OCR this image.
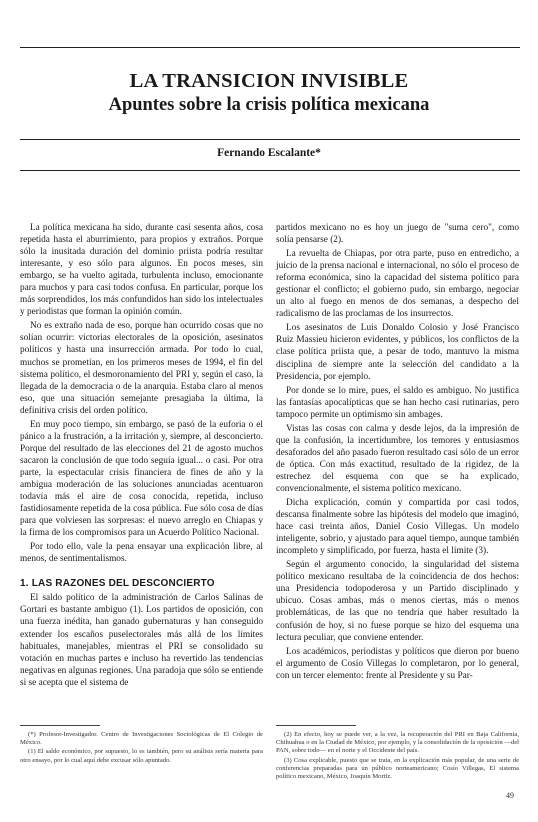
LA TRANSICION INVISIBLE
Apuntes sobre la crisis política mexicana
Fernando Escalante*

La política mexicana ha sido, durante casi sesenta años, cosa repetida hasta el aburrimiento, para propios y extraños. Porque sólo la inusitada duración del dominio priista podría resultar interesante, y eso sólo para algunos. En pocos meses, sin embargo, se ha vuelto agitada, turbulenta incluso, emocionante para muchos y para casi todos confusa. En particular, porque los más sorprendidos, los más confundidos han sido los intelectuales y periodistas que forman la opinión común.

No es extraño nada de eso, porque han ocurrido cosas que no solían ocurrir: victorias electorales de la oposición, asesinatos políticos y hasta una insurrección armada. Por todo lo cual, muchos se prometían, en los primeros meses de 1994, el fin del sistema político, el desmoronamiento del PRI y, según el caso, la llegada de la democracia o de la anarquía. Estaba claro al menos eso, que una situación semejante presagiaba la última, la definitiva crisis del orden político.

En muy poco tiempo, sin embargo, se pasó de la euforia o el pánico a la frustración, a la irritación y, siempre, al desconcierto. Porque del resultado de las elecciones del 21 de agosto muchos sacaron la conclusión de que todo seguía igual... o casi. Por otra parte, la espectacular crisis financiera de fines de año y la ambigua moderación de las soluciones anunciadas acentuaron todavía más el aire de cosa conocida, repetida, incluso fastidiosamente repetida de la cosa pública. Fue sólo cosa de días para que volviesen las sorpresas: el nuevo arreglo en Chiapas y la firma de los compromisos para un Acuerdo Político Nacional.

Por todo ello, vale la pena ensayar una explicación libre, al menos, de sentimentalismos.

1. LAS RAZONES DEL DESCONCIERTO

El saldo político de la administración de Carlos Salinas de Gortari es bastante ambiguo (1). Los partidos de oposición, con una fuerza inédita, han ganado gubernaturas y han conseguido extender los escaños puselectorales más allá de los límites habituales, manejables, mientras el PRI se consolidado su votación en muchas partes e incluso ha revertido las tendencias negativas en algunas regiones. Una paradoja que sólo se entiende si se acepta que el sistema de

partidos mexicano no es hoy un juego de "suma cero", como solía pensarse (2).

La revuelta de Chiapas, por otra parte, puso en entredicho, a juicio de la prensa nacional e internacional, no sólo el proceso de reforma económica, sino la capacidad del sistema político para gestionar el conflicto; el gobierno pudo, sin embargo, negociar un alto al fuego en menos de dos semanas, a despecho del radicalismo de las proclamas de los insurrectos.

Los asesinatos de Luis Donaldo Colosio y José Francisco Ruiz Massieu hicieron evidentes, y públicos, los conflictos de la clase política priista que, a pesar de todo, mantuvo la misma disciplina de siempre ante la selección del candidato a la Presidencia, por ejemplo.

Por donde se lo mire, pues, el saldo es ambiguo. No justifica las fantasías apocalípticas que se han hecho casi rutinarias, pero tampoco permite un optimismo sin ambages.

Vistas las cosas con calma y desde lejos, da la impresión de que la confusión, la incertidumbre, los temores y entusiasmos desaforados del año pasado fueron resultado casi sólo de un error de óptica. Con más exactitud, resultado de la rigidez, de la estrechez del esquema con que se ha explicado, convencionalmente, el sistema político mexicano.

Dicha explicación, común y compartida por casi todos, descansa finalmente sobre las hipótesis del modelo que imaginó, hace casi treinta años, Daniel Cosío Villegas. Un modelo inteligente, sobrio, y ajustado para aquel tiempo, aunque también incompleto y simplificado, por fuerza, hasta el límite (3).

Según el argumento conocido, la singularidad del sistema político mexicano resultaba de la coincidencia de dos hechos: una Presidencia todopoderosa y un Partido disciplinado y ubicuo. Cosas ambas, más o menos ciertas, más o menos problemáticas, de las que no tendría que haber resultado la confusión de hoy, si no fuese porque se hizo del esquema una lectura peculiar, que conviene entender.

Los académicos, periodistas y políticos que dieron por bueno el argumento de Cosío Villegas lo completaron, por lo general, con un tercer elemento: frente al Presidente y su Par-

(*) Profesor-Investigador. Centro de Investigaciones Sociológicas de El Colegio de México.

(1) El saldo económico, por supuesto, lo es también, pero su análisis sería materia para otro ensayo, por lo cual aquí debe excusar sólo apuntado.

(2) En efecto, hoy se puede ver, a la vez, la recuperación del PRI en Baja California, Chihuahua o en la Ciudad de México, por ejemplo, y la consolidación de la oposición —del PAN, sobre todo— en el norte y el Occidente del país.

(3) Cosa explicable, puesto que se trata, en la explicación más popular, de una serie de conferencias preparadas para un público norteamericano; Cosío Villegas, El sistema político mexicano, México, Joaquín Mortiz.

49
